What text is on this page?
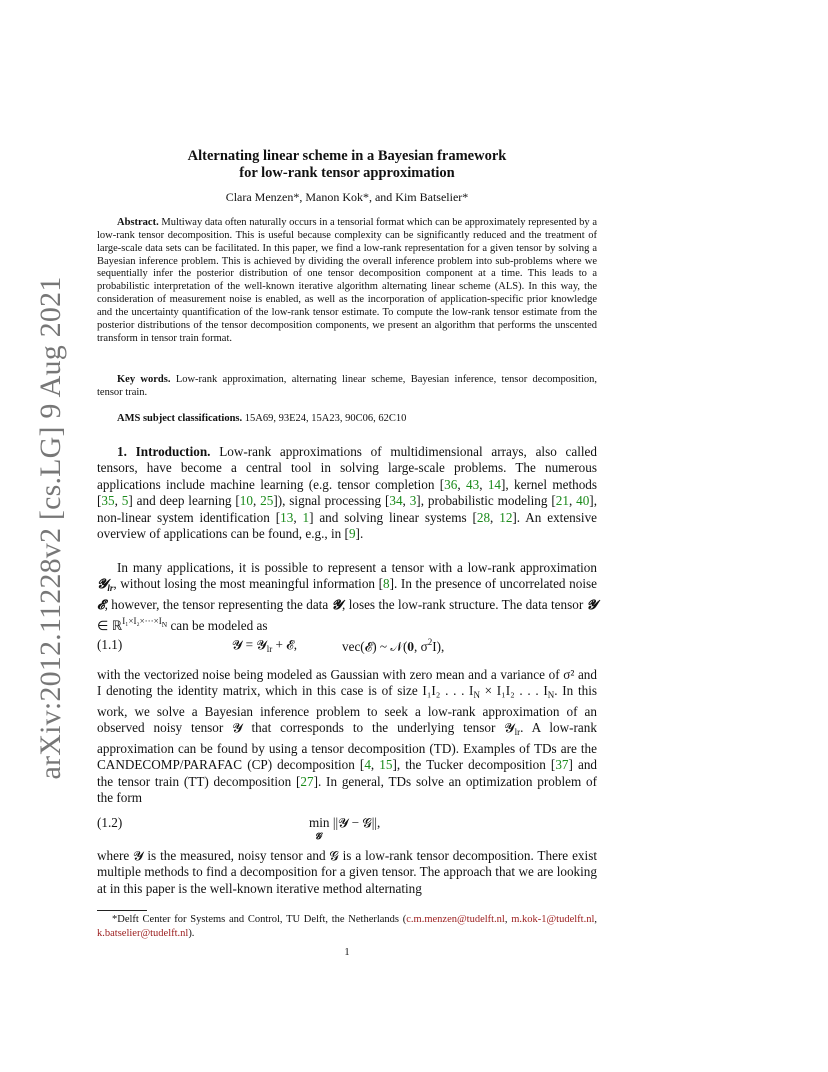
arXiv:2012.11228v2 [cs.LG] 9 Aug 2021
Alternating linear scheme in a Bayesian framework
for low-rank tensor approximation
Clara Menzen*, Manon Kok*, and Kim Batselier*
Abstract. Multiway data often naturally occurs in a tensorial format which can be approximately represented by a low-rank tensor decomposition. This is useful because complexity can be significantly reduced and the treatment of large-scale data sets can be facilitated. In this paper, we find a low-rank representation for a given tensor by solving a Bayesian inference problem. This is achieved by dividing the overall inference problem into sub-problems where we sequentially infer the posterior distribution of one tensor decomposition component at a time. This leads to a probabilistic interpretation of the well-known iterative algorithm alternating linear scheme (ALS). In this way, the consideration of measurement noise is enabled, as well as the incorporation of application-specific prior knowledge and the uncertainty quantification of the low-rank tensor estimate. To compute the low-rank tensor estimate from the posterior distributions of the tensor decomposition components, we present an algorithm that performs the unscented transform in tensor train format.
Key words. Low-rank approximation, alternating linear scheme, Bayesian inference, tensor decomposition, tensor train.
AMS subject classifications. 15A69, 93E24, 15A23, 90C06, 62C10
1. Introduction. Low-rank approximations of multidimensional arrays, also called tensors, have become a central tool in solving large-scale problems. The numerous applications include machine learning (e.g. tensor completion [36, 43, 14], kernel methods [35, 5] and deep learning [10, 25]), signal processing [34, 3], probabilistic modeling [21, 40], non-linear system identification [13, 1] and solving linear systems [28, 12]. An extensive overview of applications can be found, e.g., in [9].
In many applications, it is possible to represent a tensor with a low-rank approximation 𝓨$_{lr}$, without losing the most meaningful information [8]. In the presence of uncorrelated noise 𝓔, however, the tensor representing the data 𝓨, loses the low-rank structure. The data tensor 𝓨 ∈ ℝ$^{I_1\times I_2\times\cdot\cdot\cdot\times I_N}$ can be modeled as
(1.1)	𝓨 = 𝓨$_{lr}$ + 𝓔,	vec(𝓔) ~ 𝒩(𝟎, $\sigma^2I$),
with the vectorized noise being modeled as Gaussian with zero mean and a variance of σ² and I denoting the identity matrix, which in this case is of size I₁I₂ . . . $I_N \times I_1I_2$ . . . $I_N$. In this work, we solve a Bayesian inference problem to seek a low-rank approximation of an observed noisy tensor 𝓨 that corresponds to the underlying tensor 𝓨$_{lr}$. A low-rank approximation can be found by using a tensor decomposition (TD). Examples of TDs are the CANDECOMP/PARAFAC (CP) decomposition [4, 15], the Tucker decomposition [37] and the tensor train (TT) decomposition [27]. In general, TDs solve an optimization problem of the form
(1.2)	min ||𝓨 − 𝓖||,
𝓖
where 𝓨 is the measured, noisy tensor and 𝓖 is a low-rank tensor decomposition. There exist multiple methods to find a decomposition for a given tensor. The approach that we are looking at in this paper is the well-known iterative method alternating
*Delft Center for Systems and Control, TU Delft, the Netherlands (c.m.menzen@tudelft.nl, m.kok-1@tudelft.nl, k.batselier@tudelft.nl).
1
